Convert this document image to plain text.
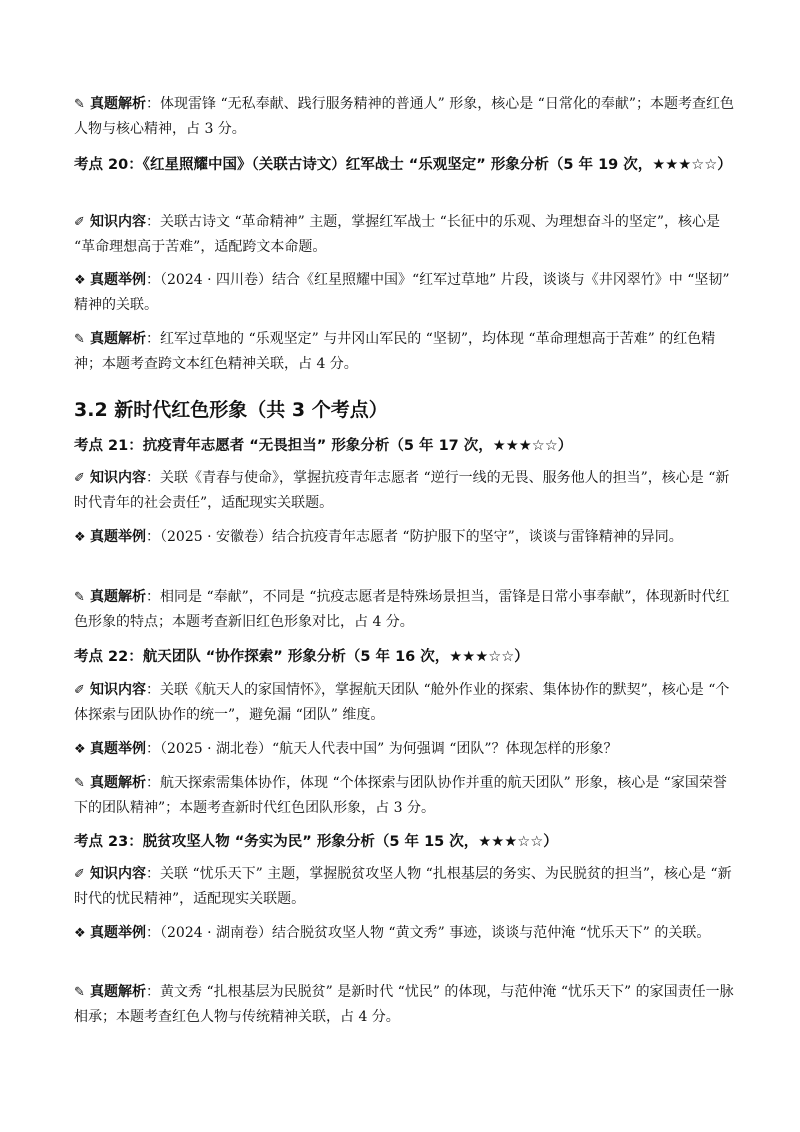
✎ 真题解析：体现雷锋 “无私奉献、践行服务精神的普通人” 形象，核心是 “日常化的奉献”；本题考查红色人物与核心精神，占 3 分。

考点 20：《红星照耀中国》（关联古诗文）红军战士 “乐观坚定” 形象分析（5 年 19 次，★★★☆☆）

✐ 知识内容：关联古诗文 “革命精神” 主题，掌握红军战士 “长征中的乐观、为理想奋斗的坚定”，核心是 “革命理想高于苦难”，适配跨文本命题。

❖ 真题举例：（2024 · 四川卷）结合《红星照耀中国》“红军过草地” 片段，谈谈与《井冈翠竹》中 “坚韧” 精神的关联。

✎ 真题解析：红军过草地的 “乐观坚定” 与井冈山军民的 “坚韧”，均体现 “革命理想高于苦难” 的红色精神；本题考查跨文本红色精神关联，占 4 分。

3.2 新时代红色形象（共 3 个考点）

考点 21：抗疫青年志愿者 “无畏担当” 形象分析（5 年 17 次，★★★☆☆）

✐ 知识内容：关联《青春与使命》，掌握抗疫青年志愿者 “逆行一线的无畏、服务他人的担当”，核心是 “新时代青年的社会责任”，适配现实关联题。

❖ 真题举例：（2025 · 安徽卷）结合抗疫青年志愿者 “防护服下的坚守”，谈谈与雷锋精神的异同。

✎ 真题解析：相同是 “奉献”，不同是 “抗疫志愿者是特殊场景担当，雷锋是日常小事奉献”，体现新时代红色形象的特点；本题考查新旧红色形象对比，占 4 分。

考点 22：航天团队 “协作探索” 形象分析（5 年 16 次，★★★☆☆）

✐ 知识内容：关联《航天人的家国情怀》，掌握航天团队 “舱外作业的探索、集体协作的默契”，核心是 “个体探索与团队协作的统一”，避免漏 “团队” 维度。

❖ 真题举例：（2025 · 湖北卷）“航天人代表中国” 为何强调 “团队”？体现怎样的形象？

✎ 真题解析：航天探索需集体协作，体现 “个体探索与团队协作并重的航天团队” 形象，核心是 “家国荣誉下的团队精神”；本题考查新时代红色团队形象，占 3 分。

考点 23：脱贫攻坚人物 “务实为民” 形象分析（5 年 15 次，★★★☆☆）

✐ 知识内容：关联 “忧乐天下” 主题，掌握脱贫攻坚人物 “扎根基层的务实、为民脱贫的担当”，核心是 “新时代的忧民精神”，适配现实关联题。

❖ 真题举例：（2024 · 湖南卷）结合脱贫攻坚人物 “黄文秀” 事迹，谈谈与范仲淹 “忧乐天下” 的关联。

✎ 真题解析：黄文秀 “扎根基层为民脱贫” 是新时代 “忧民” 的体现，与范仲淹 “忧乐天下” 的家国责任一脉相承；本题考查红色人物与传统精神关联，占 4 分。
